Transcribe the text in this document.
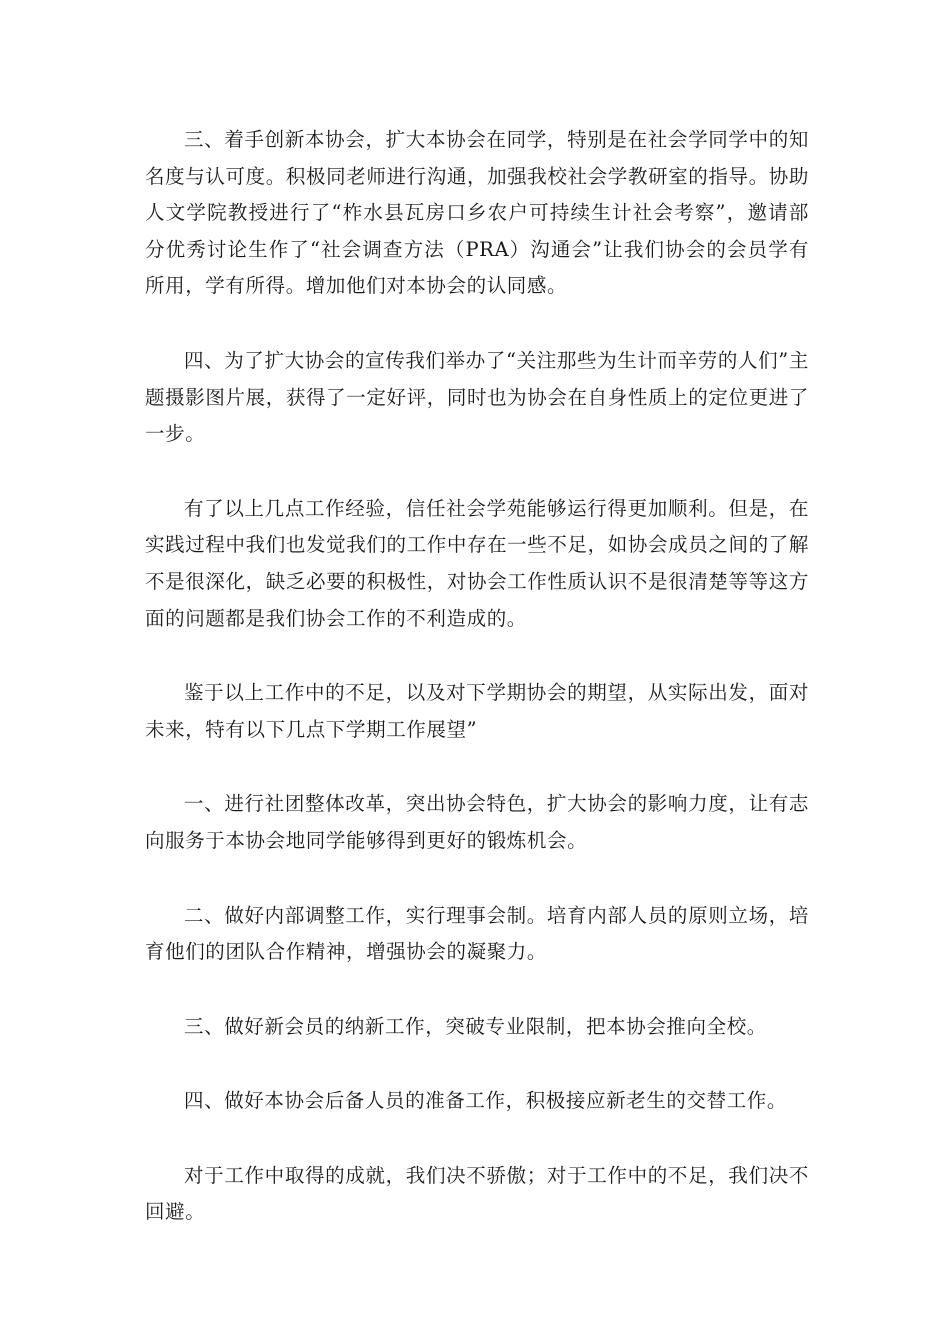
三、着手创新本协会，扩大本协会在同学，特别是在社会学同学中的知名度与认可度。积极同老师进行沟通，加强我校社会学教研室的指导。协助人文学院教授进行了“柞水县瓦房口乡农户可持续生计社会考察”，邀请部分优秀讨论生作了“社会调查方法（PRA）沟通会”让我们协会的会员学有所用，学有所得。增加他们对本协会的认同感。

四、为了扩大协会的宣传我们举办了“关注那些为生计而辛劳的人们”主题摄影图片展，获得了一定好评，同时也为协会在自身性质上的定位更进了一步。

有了以上几点工作经验，信任社会学苑能够运行得更加顺利。但是，在实践过程中我们也发觉我们的工作中存在一些不足，如协会成员之间的了解不是很深化，缺乏必要的积极性，对协会工作性质认识不是很清楚等等这方面的问题都是我们协会工作的不利造成的。

鉴于以上工作中的不足，以及对下学期协会的期望，从实际出发，面对未来，特有以下几点下学期工作展望”

一、进行社团整体改革，突出协会特色，扩大协会的影响力度，让有志向服务于本协会地同学能够得到更好的锻炼机会。

二、做好内部调整工作，实行理事会制。培育内部人员的原则立场，培育他们的团队合作精神，增强协会的凝聚力。

三、做好新会员的纳新工作，突破专业限制，把本协会推向全校。

四、做好本协会后备人员的准备工作，积极接应新老生的交替工作。

对于工作中取得的成就，我们决不骄傲；对于工作中的不足，我们决不回避。
